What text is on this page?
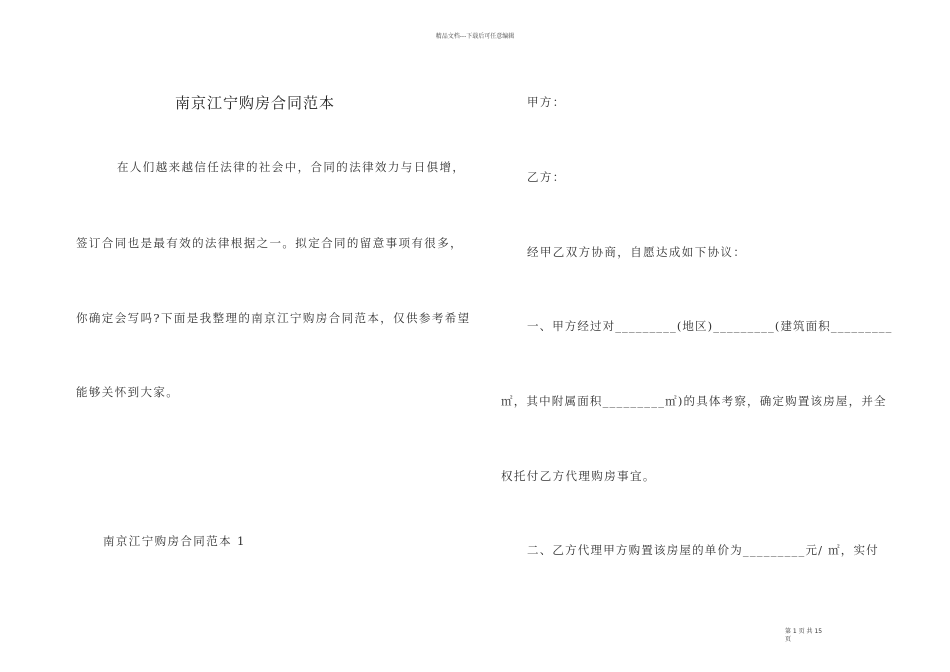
精品文档---下载后可任意编辑
南京江宁购房合同范本
在人们越来越信任法律的社会中，合同的法律效力与日俱增，
签订合同也是最有效的法律根据之一。拟定合同的留意事项有很多，
你确定会写吗?下面是我整理的南京江宁购房合同范本，仅供参考希望
能够关怀到大家。
南京江宁购房合同范本 1
甲方：
乙方：
经甲乙双方协商，自愿达成如下协议：
一、甲方经过对_________(地区)_________(建筑面积_________
㎡，其中附属面积_________㎡)的具体考察，确定购置该房屋，并全
权托付乙方代理购房事宜。
二、乙方代理甲方购置该房屋的单价为_________元/ ㎡，实付
第 1 页 共 15
页
